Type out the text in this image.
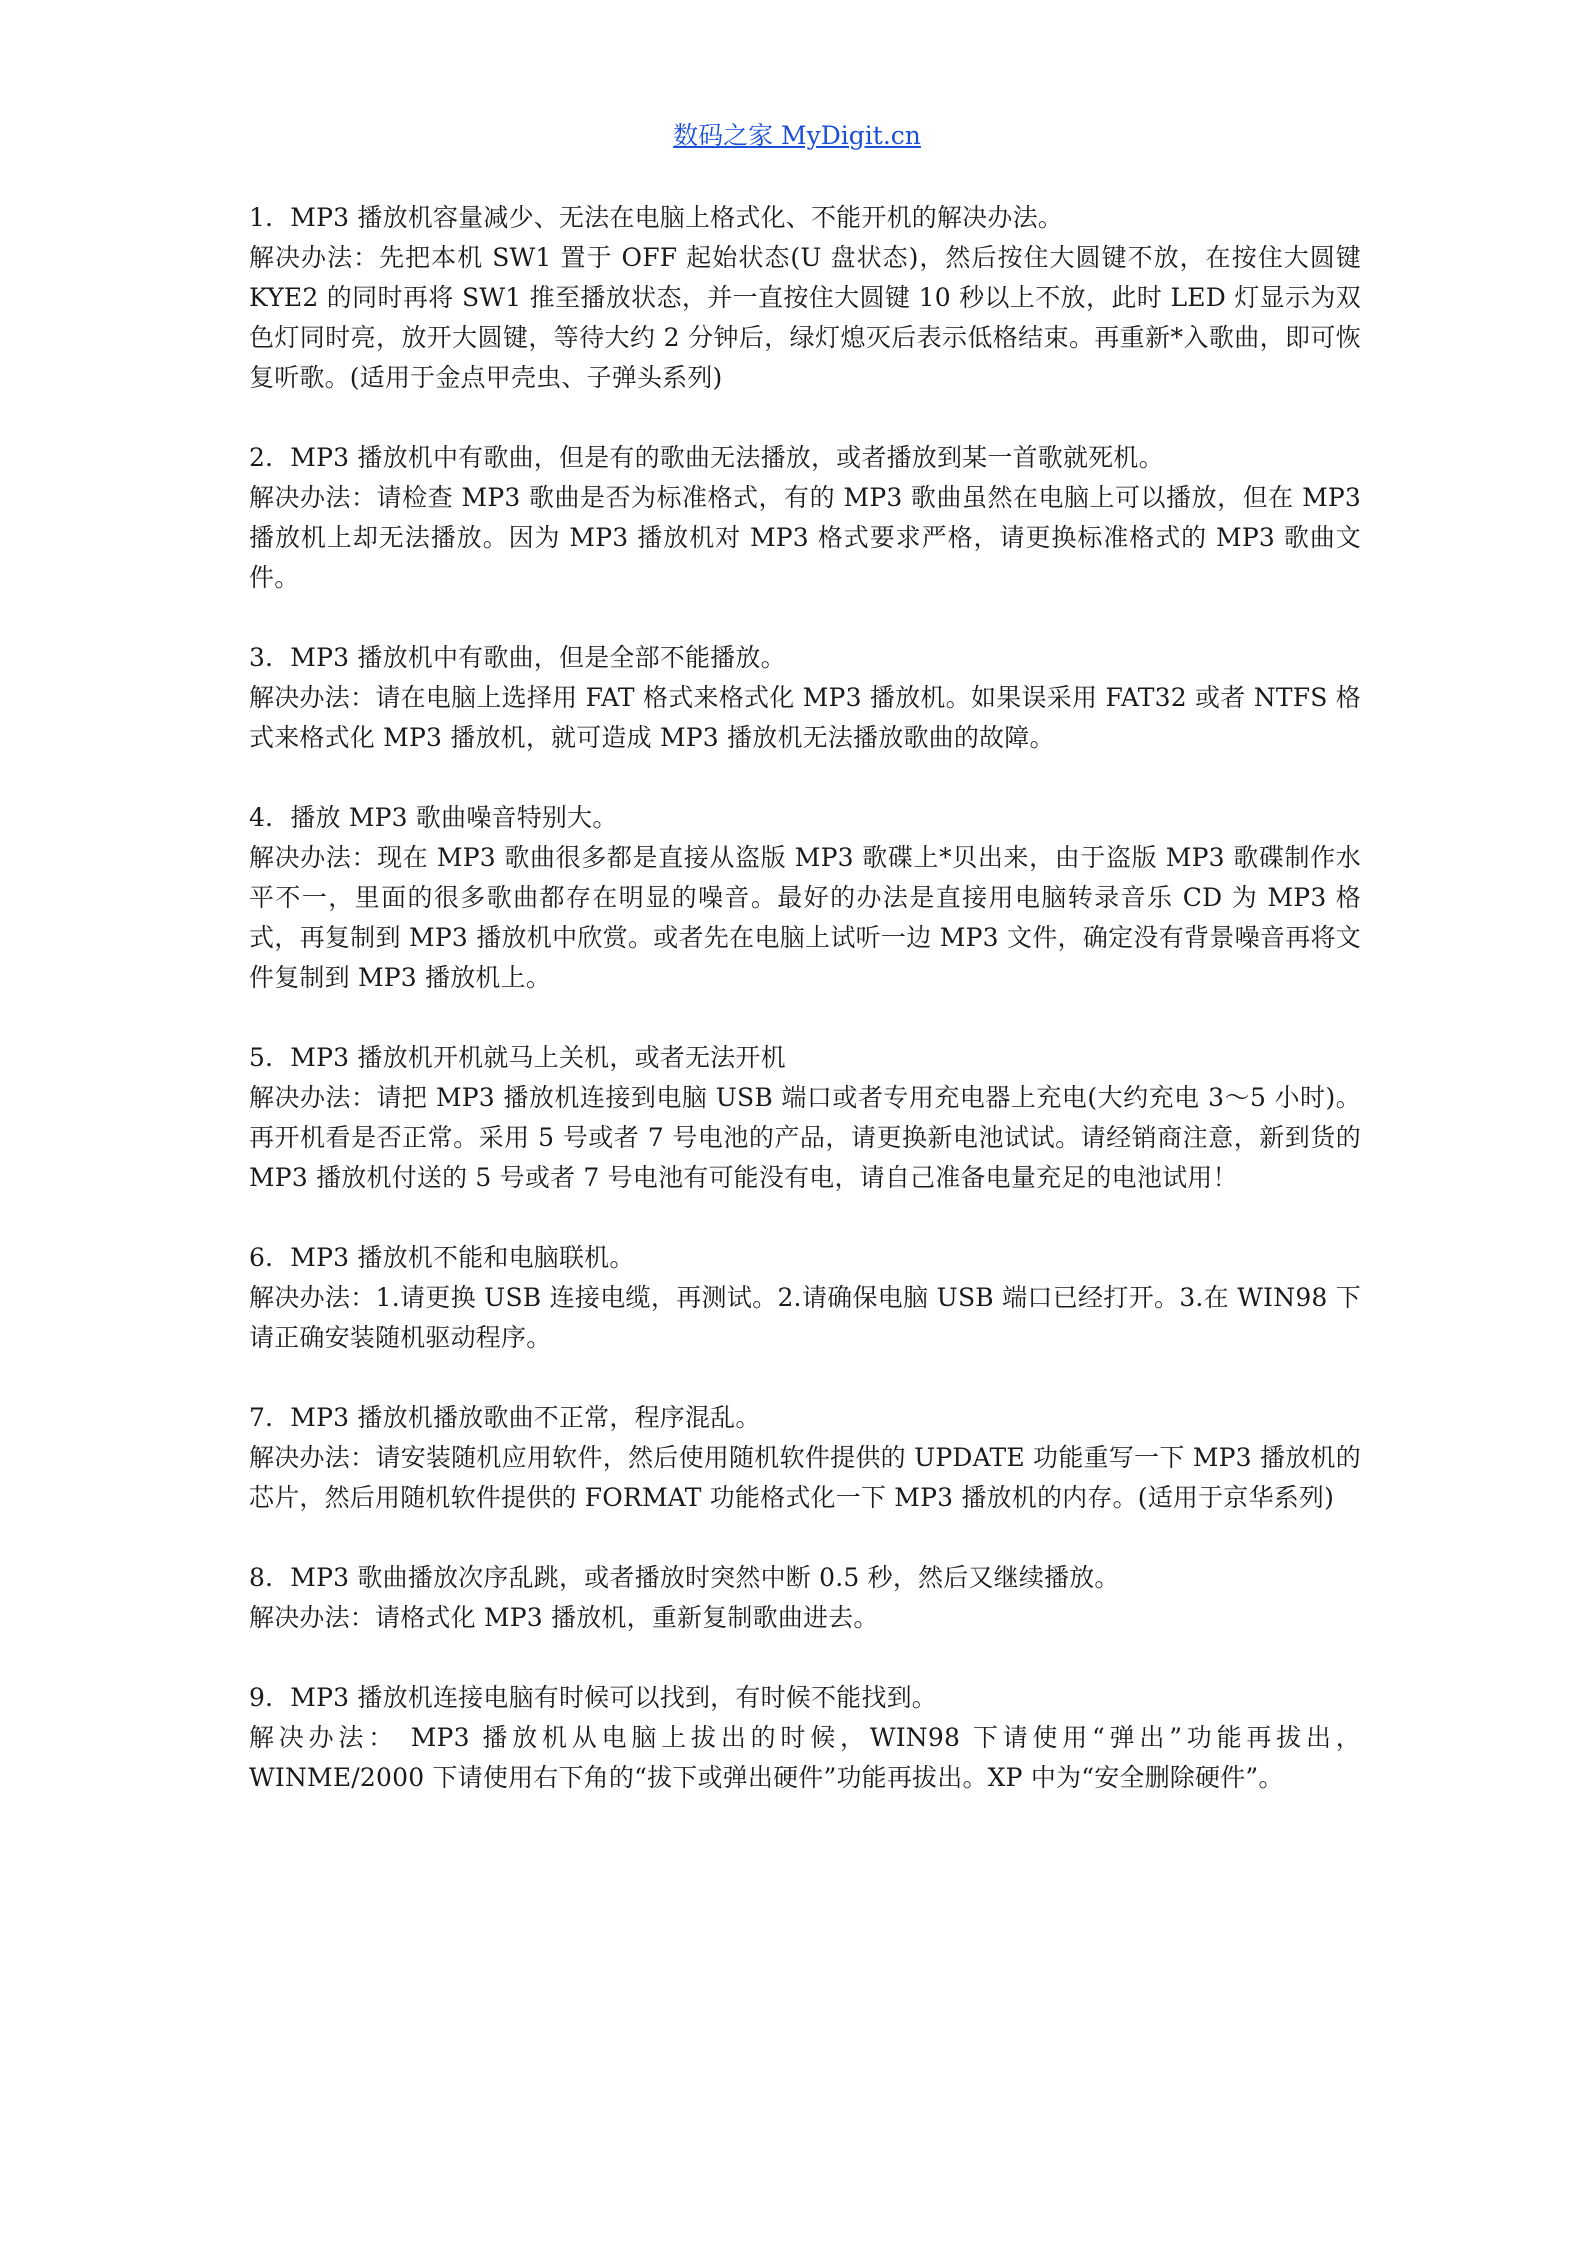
数码之家 MyDigit.cn

1．MP3 播放机容量减少、无法在电脑上格式化、不能开机的解决办法。

解决办法：先把本机 SW1 置于 OFF 起始状态(U 盘状态)，然后按住大圆键不放，在按住大圆键 KYE2 的同时再将 SW1 推至播放状态，并一直按住大圆键 10 秒以上不放，此时 LED 灯显示为双色灯同时亮，放开大圆键，等待大约 2 分钟后，绿灯熄灭后表示低格结束。再重新*入歌曲，即可恢复听歌。(适用于金点甲壳虫、子弹头系列)

2．MP3 播放机中有歌曲，但是有的歌曲无法播放，或者播放到某一首歌就死机。

解决办法：请检查 MP3 歌曲是否为标准格式，有的 MP3 歌曲虽然在电脑上可以播放，但在 MP3 播放机上却无法播放。因为 MP3 播放机对 MP3 格式要求严格，请更换标准格式的 MP3 歌曲文件。

3．MP3 播放机中有歌曲，但是全部不能播放。

解决办法：请在电脑上选择用 FAT 格式来格式化 MP3 播放机。如果误采用 FAT32 或者 NTFS 格式来格式化 MP3 播放机，就可造成 MP3 播放机无法播放歌曲的故障。

4．播放 MP3 歌曲噪音特别大。

解决办法：现在 MP3 歌曲很多都是直接从盗版 MP3 歌碟上*贝出来，由于盗版 MP3 歌碟制作水平不一，里面的很多歌曲都存在明显的噪音。最好的办法是直接用电脑转录音乐 CD 为 MP3 格式，再复制到 MP3 播放机中欣赏。或者先在电脑上试听一边 MP3 文件，确定没有背景噪音再将文件复制到 MP3 播放机上。

5．MP3 播放机开机就马上关机，或者无法开机

解决办法：请把 MP3 播放机连接到电脑 USB 端口或者专用充电器上充电(大约充电 3～5 小时)。再开机看是否正常。采用 5 号或者 7 号电池的产品，请更换新电池试试。请经销商注意，新到货的 MP3 播放机付送的 5 号或者 7 号电池有可能没有电，请自己准备电量充足的电池试用！

6．MP3 播放机不能和电脑联机。

解决办法：1.请更换 USB 连接电缆，再测试。2.请确保电脑 USB 端口已经打开。3.在 WIN98 下请正确安装随机驱动程序。

7．MP3 播放机播放歌曲不正常，程序混乱。

解决办法：请安装随机应用软件，然后使用随机软件提供的 UPDATE 功能重写一下 MP3 播放机的芯片，然后用随机软件提供的 FORMAT 功能格式化一下 MP3 播放机的内存。(适用于京华系列)

8．MP3 歌曲播放次序乱跳，或者播放时突然中断 0.5 秒，然后又继续播放。

解决办法：请格式化 MP3 播放机，重新复制歌曲进去。

9．MP3 播放机连接电脑有时候可以找到，有时候不能找到。

解决办法： MP3 播放机从电脑上拔出的时候，WIN98 下请使用“弹出”功能再拔出，WINME/2000 下请使用右下角的“拔下或弹出硬件”功能再拔出。XP 中为“安全删除硬件”。
